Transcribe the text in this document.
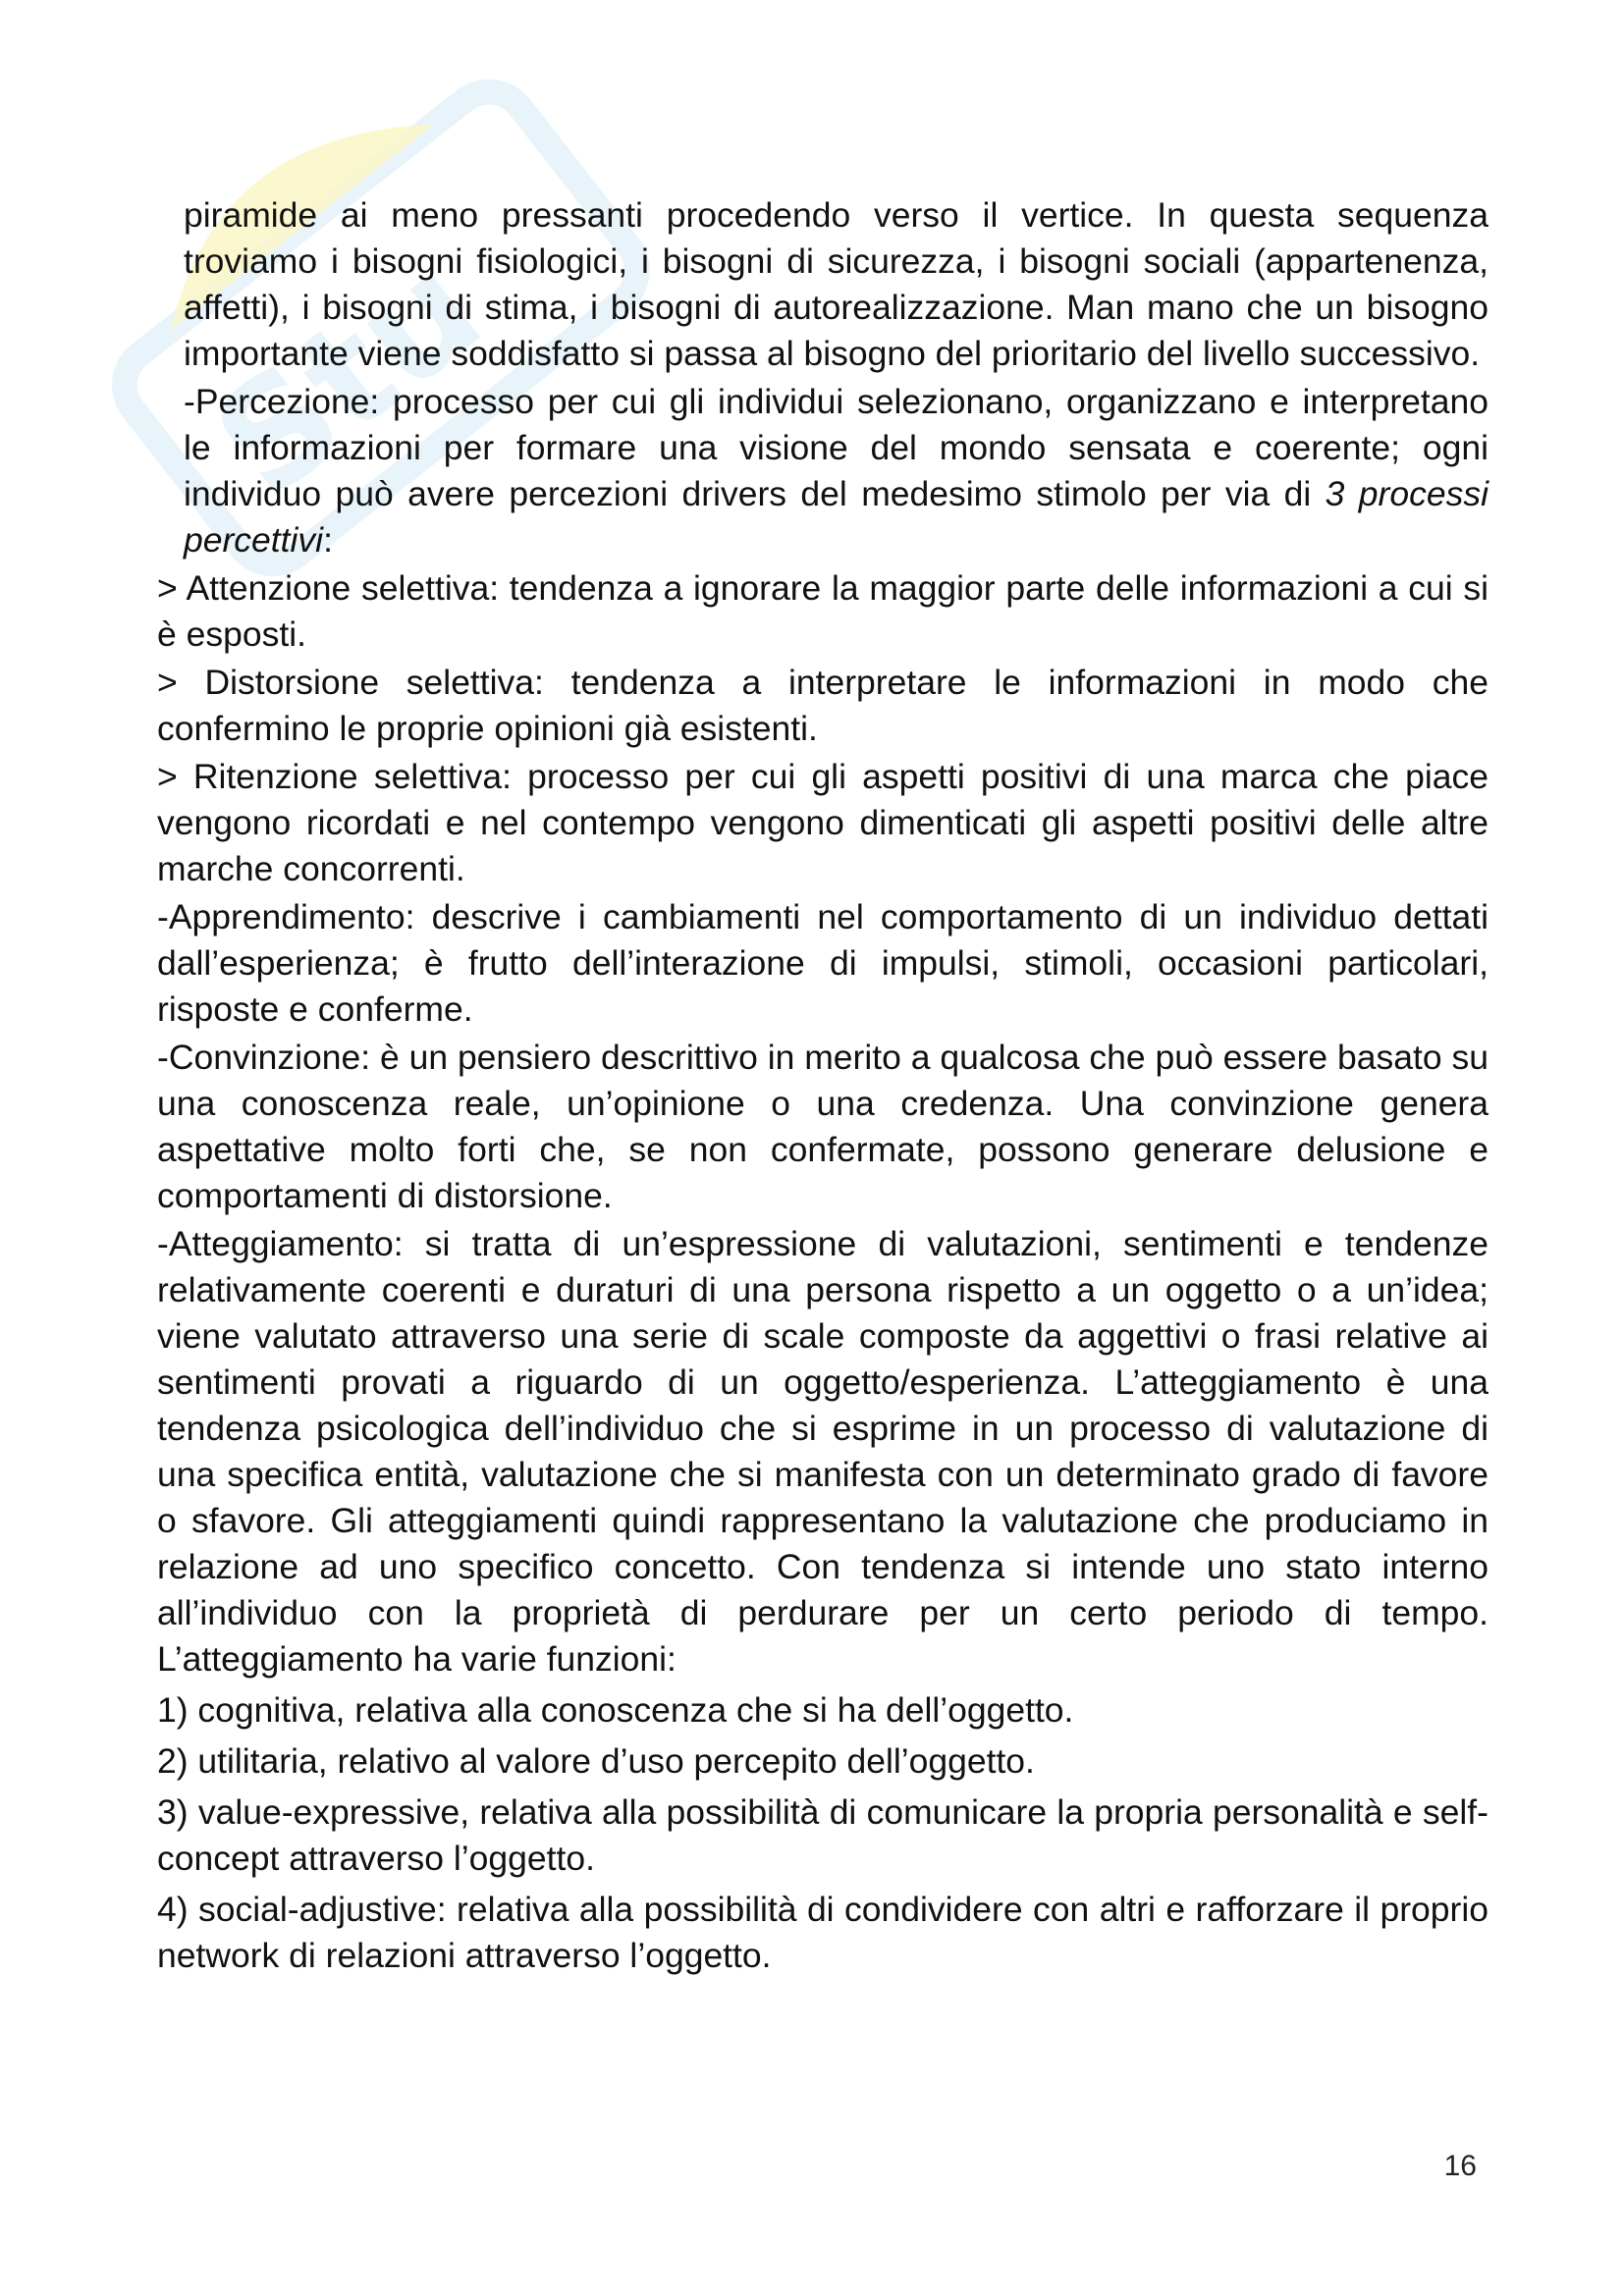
Stu

piramide ai meno pressanti procedendo verso il vertice. In questa sequenza troviamo i bisogni fisiologici, i bisogni di sicurezza, i bisogni sociali (appartenenza, affetti), i bisogni di stima, i bisogni di autorealizzazione. Man mano che un bisogno importante viene soddisfatto si passa al bisogno del prioritario del livello successivo.

-Percezione: processo per cui gli individui selezionano, organizzano e interpretano le informazioni per formare una visione del mondo sensata e coerente; ogni individuo può avere percezioni drivers del medesimo stimolo per via di 3 processi percettivi:

> Attenzione selettiva: tendenza a ignorare la maggior parte delle informazioni a cui si è esposti.

> Distorsione selettiva: tendenza a interpretare le informazioni in modo che confermino le proprie opinioni già esistenti.

> Ritenzione selettiva: processo per cui gli aspetti positivi di una marca che piace vengono ricordati e nel contempo vengono dimenticati gli aspetti positivi delle altre marche concorrenti.

-Apprendimento: descrive i cambiamenti nel comportamento di un individuo dettati dall’esperienza; è frutto dell’interazione di impulsi, stimoli, occasioni particolari, risposte e conferme.

-Convinzione: è un pensiero descrittivo in merito a qualcosa che può essere basato su una conoscenza reale, un’opinione o una credenza. Una convinzione genera aspettative molto forti che, se non confermate, possono generare delusione e comportamenti di distorsione.

-Atteggiamento: si tratta di un’espressione di valutazioni, sentimenti e tendenze relativamente coerenti e duraturi di una persona rispetto a un oggetto o a un’idea; viene valutato attraverso una serie di scale composte da aggettivi o frasi relative ai sentimenti provati a riguardo di un oggetto/esperienza. L’atteggiamento è una tendenza psicologica dell’individuo che si esprime in un processo di valutazione di una specifica entità, valutazione che si manifesta con un determinato grado di favore o sfavore. Gli atteggiamenti quindi rappresentano la valutazione che produciamo in relazione ad uno specifico concetto. Con tendenza si intende uno stato interno all’individuo con la proprietà di perdurare per un certo periodo di tempo. L’atteggiamento ha varie funzioni:

1) cognitiva, relativa alla conoscenza che si ha dell’oggetto.

2) utilitaria, relativo al valore d’uso percepito dell’oggetto.

3) value-expressive, relativa alla possibilità di comunicare la propria personalità e self-concept attraverso l’oggetto.

4) social-adjustive: relativa alla possibilità di condividere con altri e rafforzare il proprio network di relazioni attraverso l’oggetto.

16
